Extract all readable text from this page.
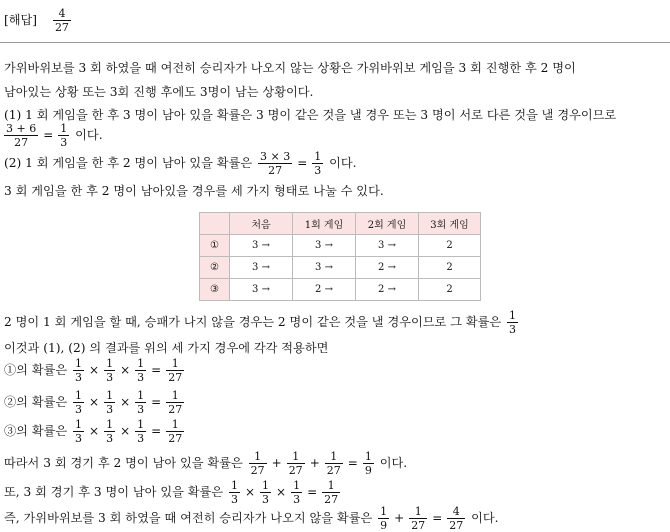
[해답] $\frac{4}{27}$
가위바위보를 3 회 하였을 때 여전히 승리자가 나오지 않는 상황은 가위바위보 게임을 3 회 진행한 후 2 명이
남아있는 상황 또는 3회 진행 후에도 3명이 남는 상황이다.
(1) 1 회 게임을 한 후 3 명이 남아 있을 확률은 3 명이 같은 것을 낼 경우 또는 3 명이 서로 다른 것을 낼 경우이므로
$\frac{3 + 6}{27} = \frac{1}{3}$ 이다.
(2) 1 회 게임을 한 후 2 명이 남아 있을 확률은 $\frac{3 \times 3}{27} = \frac{1}{3}$ 이다.
3 회 게임을 한 후 2 명이 남아있을 경우를 세 가지 형태로 나눌 수 있다.
	처음	1회 게임	2회 게임	3회 게임
①	3 →	3 →	3 →	2
②	3 →	3 →	2 →	2
③	3 →	2 →	2 →	2
2 명이 1 회 게임을 할 때, 승패가 나지 않을 경우는 2 명이 같은 것을 낼 경우이므로 그 확률은 $\frac{1}{3}$
이것과 (1), (2) 의 결과를 위의 세 가지 경우에 각각 적용하면
①의 확률은 $\frac{1}{3} \times \frac{1}{3} \times \frac{1}{3} = \frac{1}{27}$
②의 확률은 $\frac{1}{3} \times \frac{1}{3} \times \frac{1}{3} = \frac{1}{27}$
③의 확률은 $\frac{1}{3} \times \frac{1}{3} \times \frac{1}{3} = \frac{1}{27}$
따라서 3 회 경기 후 2 명이 남아 있을 확률은 $\frac{1}{27} + \frac{1}{27} + \frac{1}{27} = \frac{1}{9}$ 이다.
또, 3 회 경기 후 3 명이 남아 있을 확률은 $\frac{1}{3} \times \frac{1}{3} \times \frac{1}{3} = \frac{1}{27}$
즉, 가위바위보를 3 회 하였을 때 여전히 승리자가 나오지 않을 확률은 $\frac{1}{9} + \frac{1}{27} = \frac{4}{27}$ 이다.
